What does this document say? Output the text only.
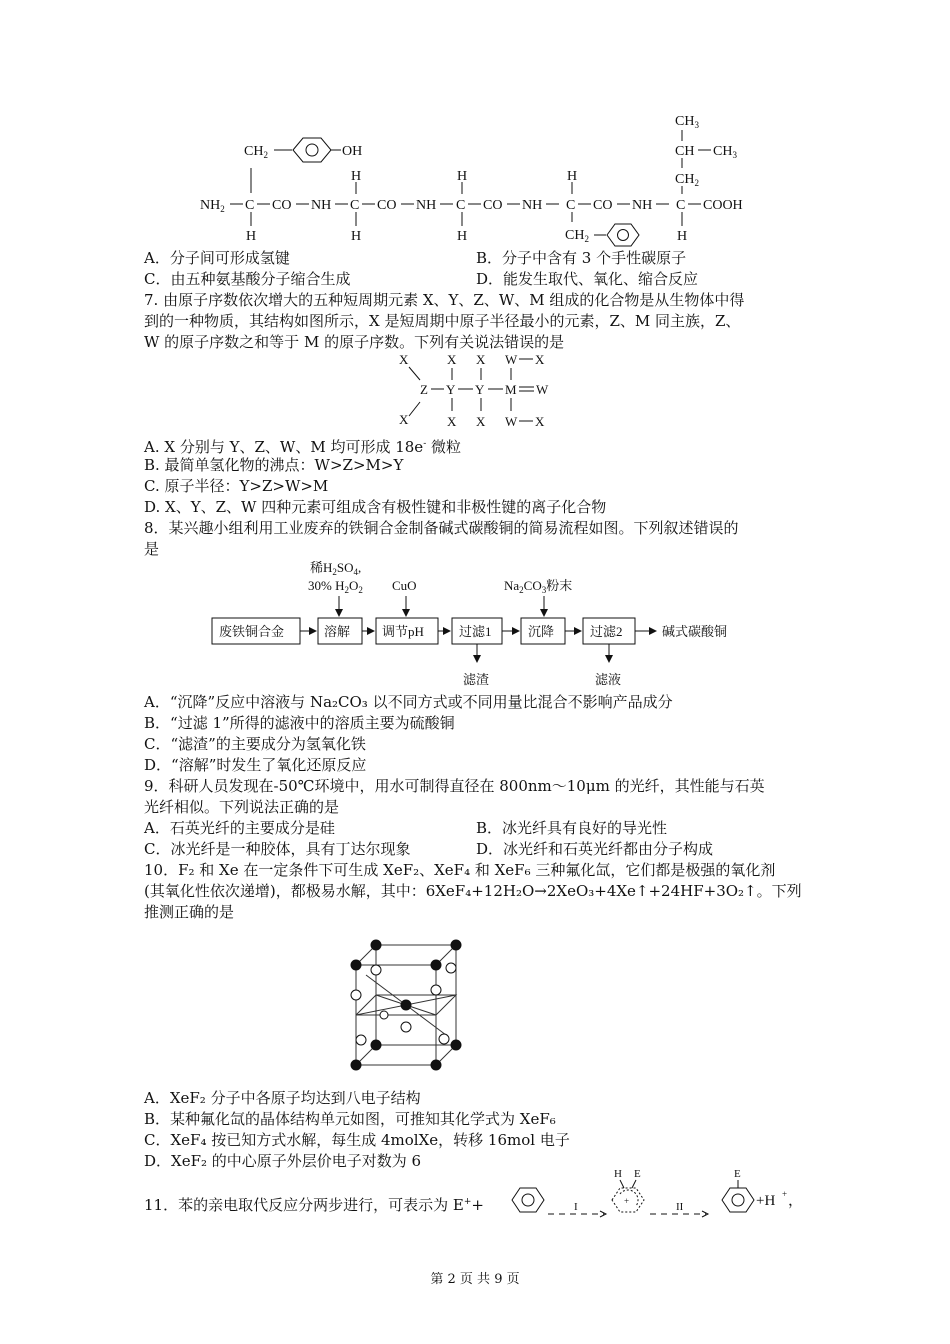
$NH_2$ C CO NH C CO NH C CO NH C CO NH C COOH
$CH_2$	OH
H
H
H
H
H
H
$CH_2$	H
$CH_2$
CH $CH_3$
$CH_3$
A．分子间可形成氢键	B．分子中含有 3 个手性碳原子
C．由五种氨基酸分子缩合生成	D．能发生取代、氧化、缩合反应
7. 由原子序数依次增大的五种短周期元素 X、Y、Z、W、M 组成的化合物是从生物体中得
到的一种物质，其结构如图所示，X 是短周期中原子半径最小的元素，Z、M 同主族，Z、
W 的原子序数之和等于 M 的原子序数。下列有关说法错误的是
X
Z
X
Y Y M W
X X W X
X X W X
A. X 分别与 Y、Z、W、M 均可形成 18e- 微粒
B. 最简单氢化物的沸点：W>Z>M>Y
C. 原子半径：Y>Z>W>M
D. X、Y、Z、W 四种元素可组成含有极性键和非极性键的离子化合物
8．某兴趣小组利用工业废弃的铁铜合金制备碱式碳酸铜的简易流程如图。下列叙述错误的
是
稀$H_2SO_4$,
30% $H_2O_2$ CuO	$Na_2CO_3$粉末
废铁铜合金	溶解 调节pH	过滤1	沉降	过滤2	碱式碳酸铜
滤渣	滤液
A．“沉降”反应中溶液与 Na₂CO₃ 以不同方式或不同用量比混合不影响产品成分
B．“过滤 1”所得的滤液中的溶质主要为硫酸铜
C．“滤渣”的主要成分为氢氧化铁
D．“溶解”时发生了氧化还原反应
9．科研人员发现在-50℃环境中，用水可制得直径在 800nm～10μm 的光纤，其性能与石英
光纤相似。下列说法正确的是
A．石英光纤的主要成分是硅	B．冰光纤具有良好的导光性
C．冰光纤是一种胶体，具有丁达尔现象	D．冰光纤和石英光纤都由分子构成
10．F₂ 和 Xe 在一定条件下可生成 XeF₂、XeF₄ 和 XeF₆ 三种氟化氙，它们都是极强的氧化剂
(其氧化性依次递增)，都极易水解，其中：6XeF₄+12H₂O→2XeO₃+4Xe↑+24HF+3O₂↑。下列
推测正确的是
A．XeF₂ 分子中各原子均达到八电子结构
B．某种氟化氙的晶体结构单元如图，可推知其化学式为 XeF₆
C．XeF₄ 按已知方式水解，每生成 4molXe，转移 16mol 电子
D．XeF₂ 的中心原子外层价电子对数为 6
11．苯的亲电取代反应分两步进行，可表示为 E++	I	II
H E	E
+	+H + ，
第 2 页 共 9 页
